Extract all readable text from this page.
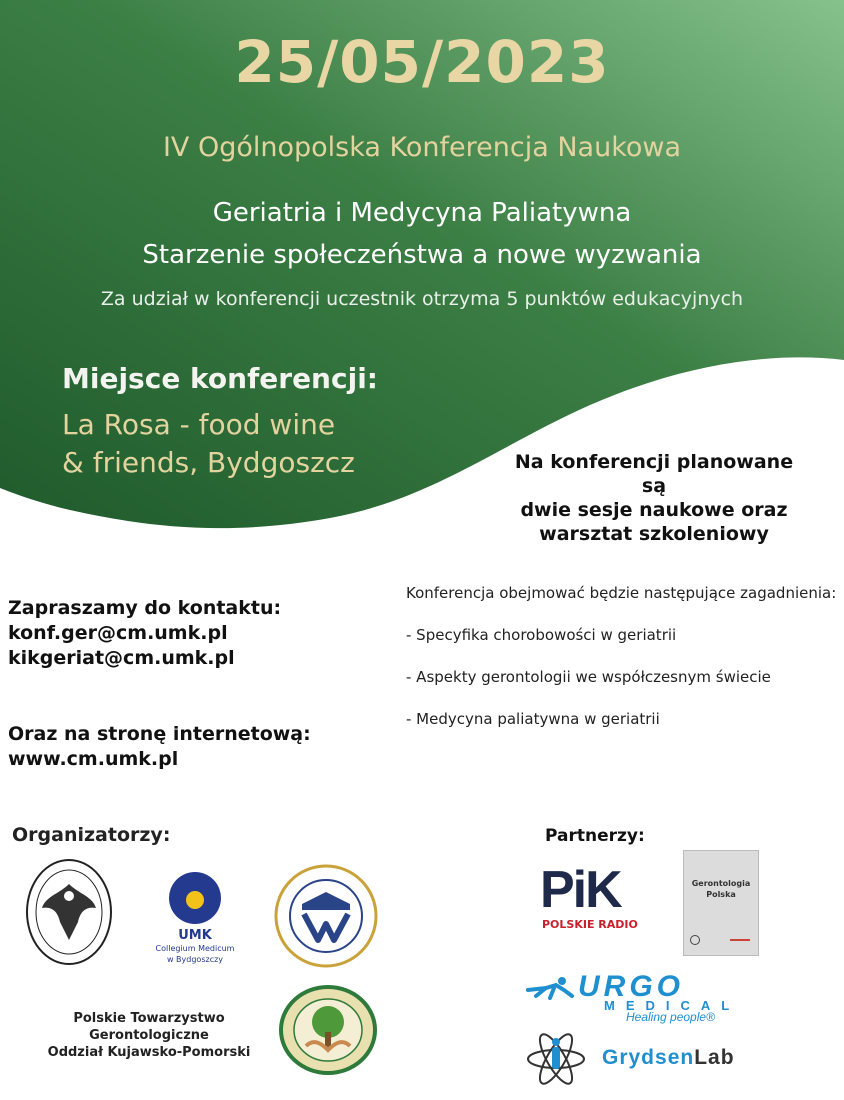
25/05/2023
IV Ogólnopolska Konferencja Naukowa
Geriatria i Medycyna Paliatywna
Starzenie społeczeństwa a nowe wyzwania
Za udział w konferencji uczestnik otrzyma 5 punktów edukacyjnych
Miejsce konferencji:
La Rosa - food wine
& friends, Bydgoszcz	Na konferencji planowane są
dwie sesje naukowe oraz
warsztat szkoleniowy
Zapraszamy do kontaktu:
konf.ger@cm.umk.pl
kikgeriat@cm.umk.pl
Oraz na stronę internetową:
www.cm.umk.pl
Konferencja obejmować będzie następujące zagadnienia:
- Specyfika chorobowości w geriatrii
- Aspekty gerontologii we współczesnym świecie
- Medycyna paliatywna w geriatrii
Organizatorzy:	Partnerzy:
UMK
Collegium Medicum
w Bydgoszczy
Polskie Towarzystwo Gerontologiczne
Oddział Kujawsko-Pomorski
PiK
POLSKIE RADIO
Gerontologia
Polska
URGO
MEDICAL
Healing people®
GrydsenLab
